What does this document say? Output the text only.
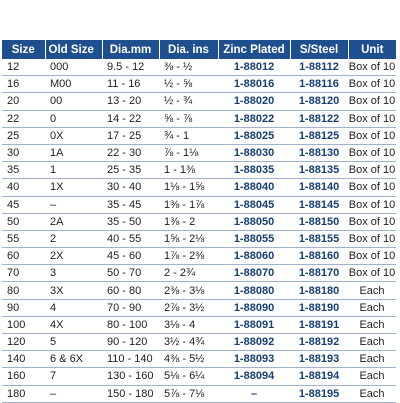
Size	Old Size	Dia.mm	Dia. ins	Zinc Plated	S/Steel	Unit
12	000	9.5 - 12	⅜ - ½	1-88012	1-88112	Box of 10
16	M00	11 - 16	½ - ⅝	1-88016	1-88116	Box of 10
20	00	13 - 20	½ - ¾	1-88020	1-88120	Box of 10
22	0	14 - 22	⅝ - ⅞	1-88022	1-88122	Box of 10
25	0X	17 - 25	¾ - 1	1-88025	1-88125	Box of 10
30	1A	22 - 30	⅞ - 1⅛	1-88030	1-88130	Box of 10
35	1	25 - 35	1 - 1⅜	1-88035	1-88135	Box of 10
40	1X	30 - 40	1⅛ - 1⅝	1-88040	1-88140	Box of 10
45	–	35 - 45	1⅜ - 1⅞	1-88045	1-88145	Box of 10
50	2A	35 - 50	1⅜ - 2	1-88050	1-88150	Box of 10
55	2	40 - 55	1⅝ - 2⅛	1-88055	1-88155	Box of 10
60	2X	45 - 60	1⅞ - 2⅜	1-88060	1-88160	Box of 10
70	3	50 - 70	2 - 2¾	1-88070	1-88170	Box of 10
80	3X	60 - 80	2⅜ - 3⅛	1-88080	1-88180	Each
90	4	70 - 90	2⅞ - 3½	1-88090	1-88190	Each
100	4X	80 - 100	3⅛ - 4	1-88091	1-88191	Each
120	5	90 - 120	3½ - 4¾	1-88092	1-88192	Each
140	6 & 6X	110 - 140	4⅜ - 5½	1-88093	1-88193	Each
160	7	130 - 160	5⅛ - 6¼	1-88094	1-88194	Each
180	–	150 - 180	5⅞ - 7⅛	–	1-88195	Each
